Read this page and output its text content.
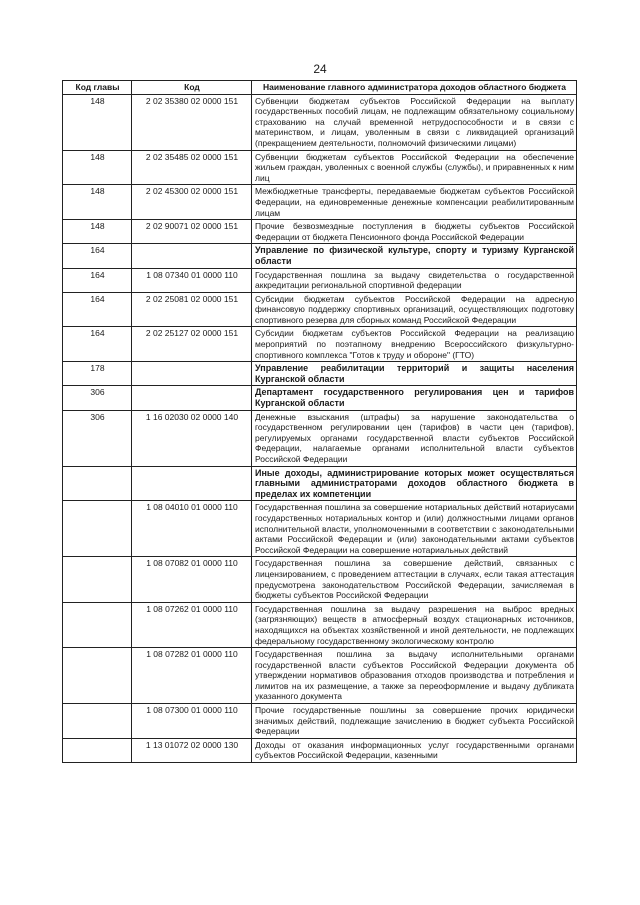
24
Код главы	Код	Наименование главного администратора доходов областного бюджета
148	2 02 35380 02 0000 151	Субвенции бюджетам субъектов Российской Федерации на выплату государственных пособий лицам, не подлежащим обязательному социальному страхованию на случай временной нетрудоспособности и в связи с материнством, и лицам, уволенным в связи с ликвидацией организаций (прекращением деятельности, полномочий физическими лицами)
148	2 02 35485 02 0000 151	Субвенции бюджетам субъектов Российской Федерации на обеспечение жильем граждан, уволенных с военной службы (службы), и приравненных к ним лиц
148	2 02 45300 02 0000 151	Межбюджетные трансферты, передаваемые бюджетам субъектов Российской Федерации, на единовременные денежные компенсации реабилитированным лицам
148	2 02 90071 02 0000 151	Прочие безвозмездные поступления в бюджеты субъектов Российской Федерации от бюджета Пенсионного фонда Российской Федерации
164		Управление по физической культуре, спорту и туризму Курганской области
164	1 08 07340 01 0000 110	Государственная пошлина за выдачу свидетельства о государственной аккредитации региональной спортивной федерации
164	2 02 25081 02 0000 151	Субсидии бюджетам субъектов Российской Федерации на адресную финансовую поддержку спортивных организаций, осуществляющих подготовку спортивного резерва для сборных команд Российской Федерации
164	2 02 25127 02 0000 151	Субсидии бюджетам субъектов Российской Федерации на реализацию мероприятий по поэтапному внедрению Всероссийского физкультурно-спортивного комплекса "Готов к труду и обороне" (ГТО)
178		Управление реабилитации территорий и защиты населения Курганской области
306		Департамент государственного регулирования цен и тарифов Курганской области
306	1 16 02030 02 0000 140	Денежные взыскания (штрафы) за нарушение законодательства о государственном регулировании цен (тарифов) в части цен (тарифов), регулируемых органами государственной власти субъектов Российской Федерации, налагаемые органами исполнительной власти субъектов Российской Федерации
		Иные доходы, администрирование которых может осуществляться главными администраторами доходов областного бюджета в пределах их компетенции
	1 08 04010 01 0000 110	Государственная пошлина за совершение нотариальных действий нотариусами государственных нотариальных контор и (или) должностными лицами органов исполнительной власти, уполномоченными в соответствии с законодательными актами Российской Федерации и (или) законодательными актами субъектов Российской Федерации на совершение нотариальных действий
	1 08 07082 01 0000 110	Государственная пошлина за совершение действий, связанных с лицензированием, с проведением аттестации в случаях, если такая аттестация предусмотрена законодательством Российской Федерации, зачисляемая в бюджеты субъектов Российской Федерации
	1 08 07262 01 0000 110	Государственная пошлина за выдачу разрешения на выброс вредных (загрязняющих) веществ в атмосферный воздух стационарных источников, находящихся на объектах хозяйственной и иной деятельности, не подлежащих федеральному государственному экологическому контролю
	1 08 07282 01 0000 110	Государственная пошлина за выдачу исполнительными органами государственной власти субъектов Российской Федерации документа об утверждении нормативов образования отходов производства и потребления и лимитов на их размещение, а также за переоформление и выдачу дубликата указанного документа
	1 08 07300 01 0000 110	Прочие государственные пошлины за совершение прочих юридически значимых действий, подлежащие зачислению в бюджет субъекта Российской Федерации
	1 13 01072 02 0000 130	Доходы от оказания информационных услуг государственными органами субъектов Российской Федерации, казенными
